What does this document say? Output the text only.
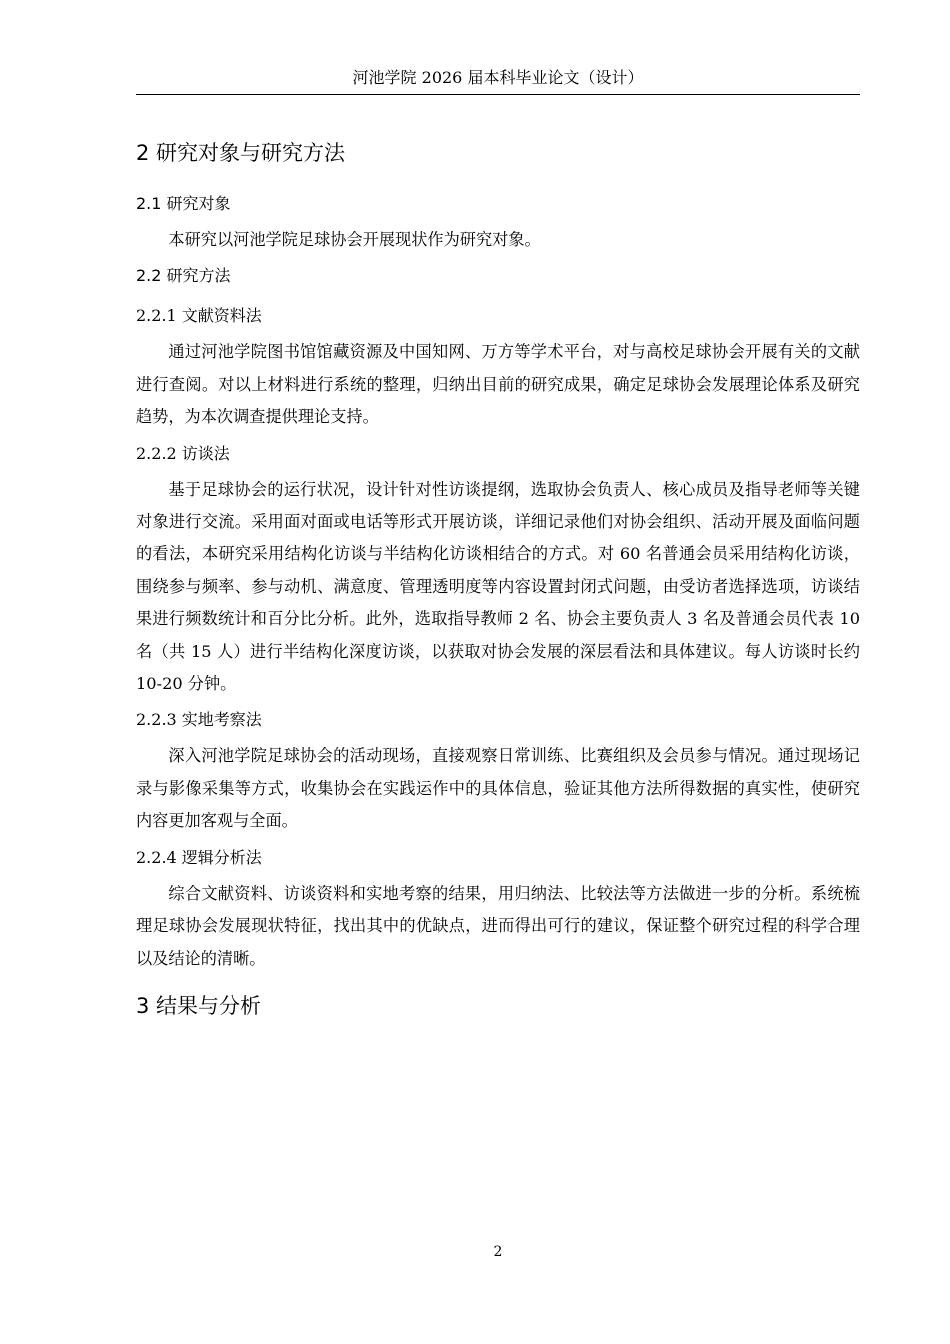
河池学院 2026 届本科毕业论文（设计）
2 研究对象与研究方法
2.1 研究对象
本研究以河池学院足球协会开展现状作为研究对象。
2.2 研究方法
2.2.1 文献资料法
通过河池学院图书馆馆藏资源及中国知网、万方等学术平台，对与高校足球协会开展有关的文献进行查阅。对以上材料进行系统的整理，归纳出目前的研究成果，确定足球协会发展理论体系及研究趋势，为本次调查提供理论支持。
2.2.2 访谈法
基于足球协会的运行状况，设计针对性访谈提纲，选取协会负责人、核心成员及指导老师等关键对象进行交流。采用面对面或电话等形式开展访谈，详细记录他们对协会组织、活动开展及面临问题的看法，本研究采用结构化访谈与半结构化访谈相结合的方式。对 60 名普通会员采用结构化访谈，围绕参与频率、参与动机、满意度、管理透明度等内容设置封闭式问题，由受访者选择选项，访谈结果进行频数统计和百分比分析。此外，选取指导教师 2 名、协会主要负责人 3 名及普通会员代表 10 名（共 15 人）进行半结构化深度访谈，以获取对协会发展的深层看法和具体建议。每人访谈时长约 10-20 分钟。
2.2.3 实地考察法
深入河池学院足球协会的活动现场，直接观察日常训练、比赛组织及会员参与情况。通过现场记录与影像采集等方式，收集协会在实践运作中的具体信息，验证其他方法所得数据的真实性，使研究内容更加客观与全面。
2.2.4 逻辑分析法
综合文献资料、访谈资料和实地考察的结果，用归纳法、比较法等方法做进一步的分析。系统梳理足球协会发展现状特征，找出其中的优缺点，进而得出可行的建议，保证整个研究过程的科学合理以及结论的清晰。
3 结果与分析
2
